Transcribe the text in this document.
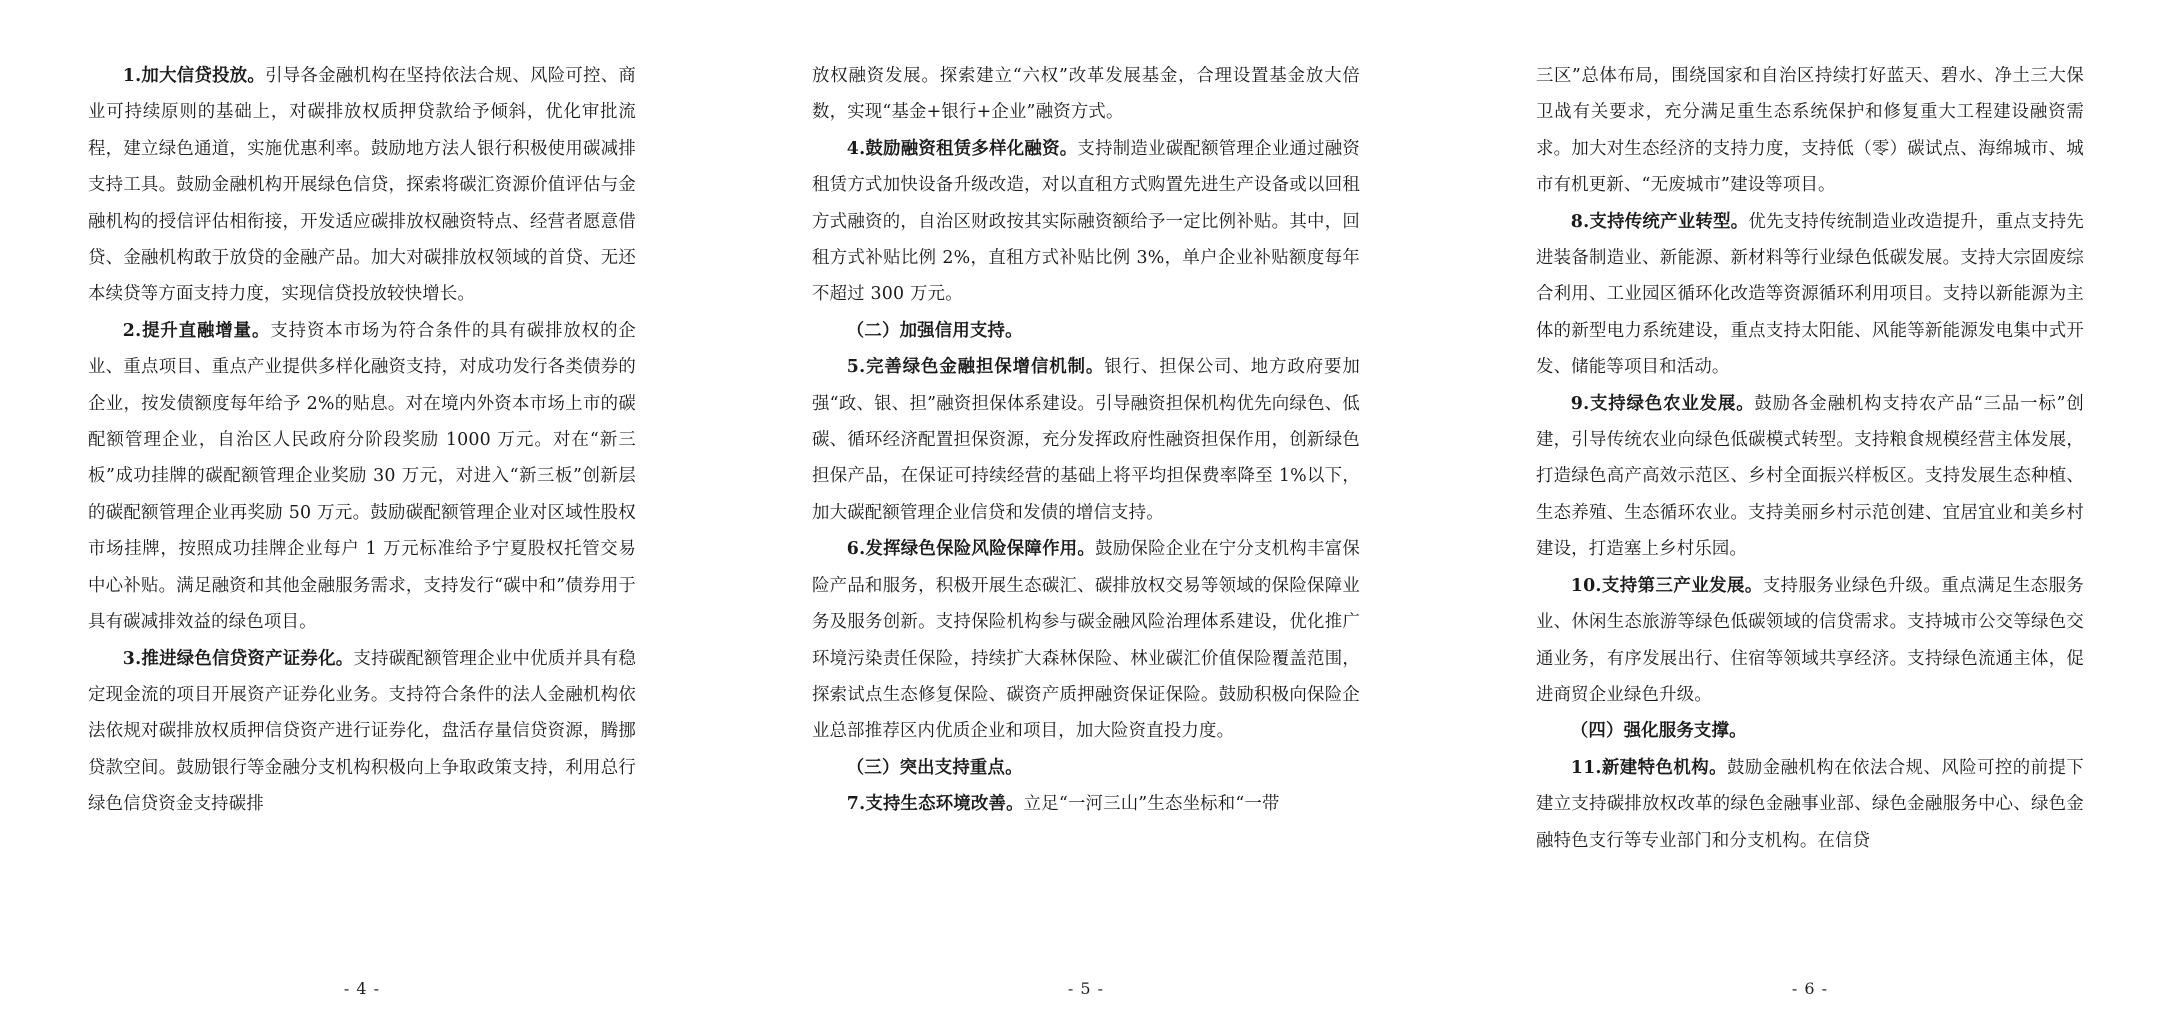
1.加大信贷投放。引导各金融机构在坚持依法合规、风险可控、商业可持续原则的基础上，对碳排放权质押贷款给予倾斜，优化审批流程，建立绿色通道，实施优惠利率。鼓励地方法人银行积极使用碳减排支持工具。鼓励金融机构开展绿色信贷，探索将碳汇资源价值评估与金融机构的授信评估相衔接，开发适应碳排放权融资特点、经营者愿意借贷、金融机构敢于放贷的金融产品。加大对碳排放权领域的首贷、无还本续贷等方面支持力度，实现信贷投放较快增长。

2.提升直融增量。支持资本市场为符合条件的具有碳排放权的企业、重点项目、重点产业提供多样化融资支持，对成功发行各类债券的企业，按发债额度每年给予 2%的贴息。对在境内外资本市场上市的碳配额管理企业，自治区人民政府分阶段奖励 1000 万元。对在“新三板”成功挂牌的碳配额管理企业奖励 30 万元，对进入“新三板”创新层的碳配额管理企业再奖励 50 万元。鼓励碳配额管理企业对区域性股权市场挂牌，按照成功挂牌企业每户 1 万元标准给予宁夏股权托管交易中心补贴。满足融资和其他金融服务需求，支持发行“碳中和”债券用于具有碳减排效益的绿色项目。

3.推进绿色信贷资产证券化。支持碳配额管理企业中优质并具有稳定现金流的项目开展资产证券化业务。支持符合条件的法人金融机构依法依规对碳排放权质押信贷资产进行证券化，盘活存量信贷资源，腾挪贷款空间。鼓励银行等金融分支机构积极向上争取政策支持，利用总行绿色信贷资金支持碳排

- 4 -

放权融资发展。探索建立“六权”改革发展基金，合理设置基金放大倍数，实现“基金+银行+企业”融资方式。

4.鼓励融资租赁多样化融资。支持制造业碳配额管理企业通过融资租赁方式加快设备升级改造，对以直租方式购置先进生产设备或以回租方式融资的，自治区财政按其实际融资额给予一定比例补贴。其中，回租方式补贴比例 2%，直租方式补贴比例 3%，单户企业补贴额度每年不超过 300 万元。

（二）加强信用支持。

5.完善绿色金融担保增信机制。银行、担保公司、地方政府要加强“政、银、担”融资担保体系建设。引导融资担保机构优先向绿色、低碳、循环经济配置担保资源，充分发挥政府性融资担保作用，创新绿色担保产品，在保证可持续经营的基础上将平均担保费率降至 1%以下，加大碳配额管理企业信贷和发债的增信支持。

6.发挥绿色保险风险保障作用。鼓励保险企业在宁分支机构丰富保险产品和服务，积极开展生态碳汇、碳排放权交易等领域的保险保障业务及服务创新。支持保险机构参与碳金融风险治理体系建设，优化推广环境污染责任保险，持续扩大森林保险、林业碳汇价值保险覆盖范围，探索试点生态修复保险、碳资产质押融资保证保险。鼓励积极向保险企业总部推荐区内优质企业和项目，加大险资直投力度。

（三）突出支持重点。

7.支持生态环境改善。立足“一河三山”生态坐标和“一带

- 5 -

三区”总体布局，围绕国家和自治区持续打好蓝天、碧水、净土三大保卫战有关要求，充分满足重生态系统保护和修复重大工程建设融资需求。加大对生态经济的支持力度，支持低（零）碳试点、海绵城市、城市有机更新、“无废城市”建设等项目。

8.支持传统产业转型。优先支持传统制造业改造提升，重点支持先进装备制造业、新能源、新材料等行业绿色低碳发展。支持大宗固废综合利用、工业园区循环化改造等资源循环利用项目。支持以新能源为主体的新型电力系统建设，重点支持太阳能、风能等新能源发电集中式开发、储能等项目和活动。

9.支持绿色农业发展。鼓励各金融机构支持农产品“三品一标”创建，引导传统农业向绿色低碳模式转型。支持粮食规模经营主体发展，打造绿色高产高效示范区、乡村全面振兴样板区。支持发展生态种植、生态养殖、生态循环农业。支持美丽乡村示范创建、宜居宜业和美乡村建设，打造塞上乡村乐园。

10.支持第三产业发展。支持服务业绿色升级。重点满足生态服务业、休闲生态旅游等绿色低碳领域的信贷需求。支持城市公交等绿色交通业务，有序发展出行、住宿等领域共享经济。支持绿色流通主体，促进商贸企业绿色升级。

（四）强化服务支撑。

11.新建特色机构。鼓励金融机构在依法合规、风险可控的前提下建立支持碳排放权改革的绿色金融事业部、绿色金融服务中心、绿色金融特色支行等专业部门和分支机构。在信贷

- 6 -
